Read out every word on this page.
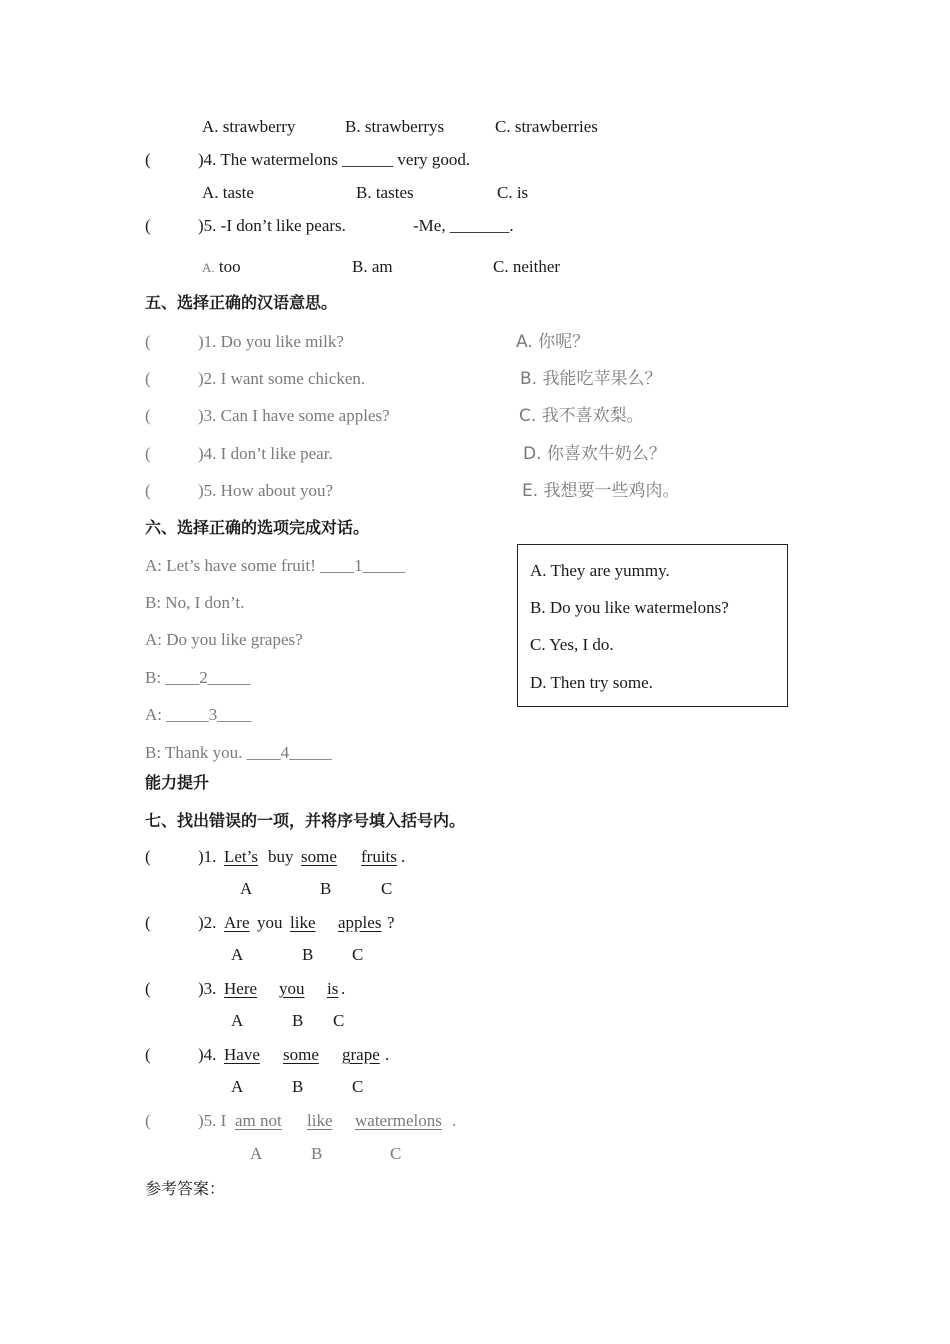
A. strawberry	B. strawberrys	C. strawberries
(	)4. The watermelons ______ very good.
A. taste	B. tastes	C. is
(	)5. -I don’t like pears.	-Me, _______.
A. too	B. am	C. neither
五、选择正确的汉语意思。
(	)1. Do you like milk?	A. 你呢？
(	)2. I want some chicken.	B. 我能吃苹果么？
(	)3. Can I have some apples?	C. 我不喜欢梨。
(	)4. I don’t like pear.	D. 你喜欢牛奶么？
(	)5. How about you?	E. 我想要一些鸡肉。
六、选择正确的选项完成对话。
A: Let’s have some fruit! ____1_____
B: No, I don’t.
A: Do you like grapes?
B: ____2_____
A: _____3____
B: Thank you. ____4_____
A. They are yummy.
B. Do you like watermelons?
C. Yes, I do.
D. Then try some.
能力提升
七、找出错误的一项，并将序号填入括号内。
(	)1. Let’s buy some fruits .
A	B	C
(	)2. Are you like apples ?
A	B C
(	)3. Here you is .
A	B C
(	)4. Have some grape .
A	B	C
(	)5. I am not like watermelons .
A	B	C
参考答案：
